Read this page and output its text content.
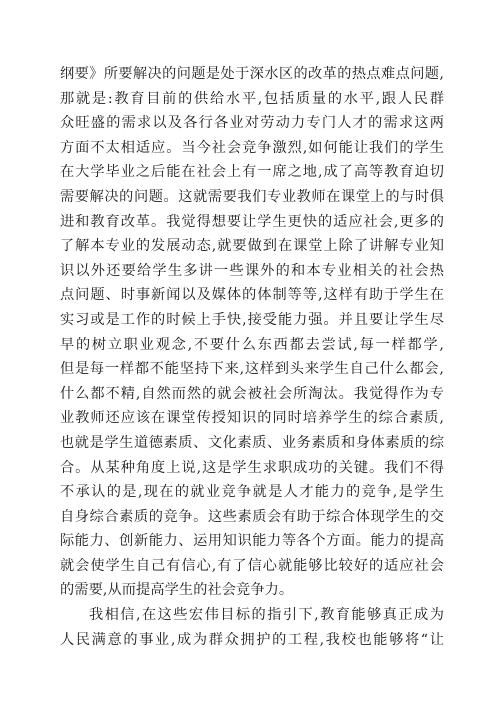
纲要》所要解决的问题是处于深水区的改革的热点难点问题,
那就是:教育目前的供给水平,包括质量的水平,跟人民群
众旺盛的需求以及各行各业对劳动力专门人才的需求这两
方面不太相适应。当今社会竞争激烈,如何能让我们的学生
在大学毕业之后能在社会上有一席之地,成了高等教育迫切
需要解决的问题。这就需要我们专业教师在课堂上的与时俱
进和教育改革。我觉得想要让学生更快的适应社会,更多的
了解本专业的发展动态,就要做到在课堂上除了讲解专业知
识以外还要给学生多讲一些课外的和本专业相关的社会热
点问题、时事新闻以及媒体的体制等等,这样有助于学生在
实习或是工作的时候上手快,接受能力强。并且要让学生尽
早的树立职业观念,不要什么东西都去尝试,每一样都学,
但是每一样都不能坚持下来,这样到头来学生自己什么都会,
什么都不精,自然而然的就会被社会所淘汰。我觉得作为专
业教师还应该在课堂传授知识的同时培养学生的综合素质,
也就是学生道德素质、文化素质、业务素质和身体素质的综
合。从某种角度上说,这是学生求职成功的关键。我们不得
不承认的是,现在的就业竞争就是人才能力的竞争,是学生
自身综合素质的竞争。这些素质会有助于综合体现学生的交
际能力、创新能力、运用知识能力等各个方面。能力的提高
就会使学生自己有信心,有了信心就能够比较好的适应社会
的需要,从而提高学生的社会竞争力。
我相信,在这些宏伟目标的指引下,教育能够真正成为
人民满意的事业,成为群众拥护的工程,我校也能够将“让
